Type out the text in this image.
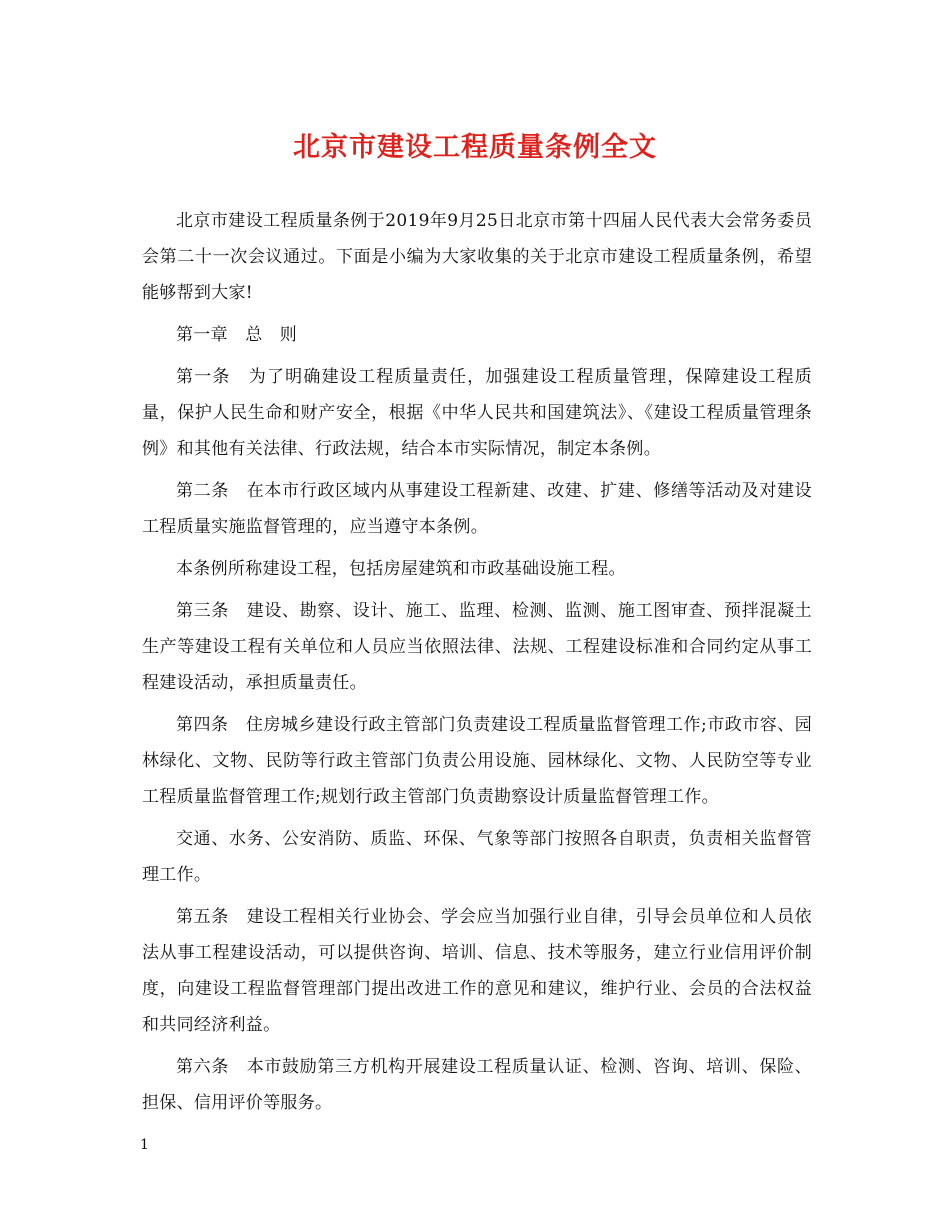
北京市建设工程质量条例全文

北京市建设工程质量条例于2019年9月25日北京市第十四届人民代表大会常务委员会第二十一次会议通过。下面是小编为大家收集的关于北京市建设工程质量条例，希望能够帮到大家!

第一章　总　则

第一条　为了明确建设工程质量责任，加强建设工程质量管理，保障建设工程质量，保护人民生命和财产安全，根据《中华人民共和国建筑法》、《建设工程质量管理条例》和其他有关法律、行政法规，结合本市实际情况，制定本条例。

第二条　在本市行政区域内从事建设工程新建、改建、扩建、修缮等活动及对建设工程质量实施监督管理的，应当遵守本条例。

本条例所称建设工程，包括房屋建筑和市政基础设施工程。

第三条　建设、勘察、设计、施工、监理、检测、监测、施工图审查、预拌混凝土生产等建设工程有关单位和人员应当依照法律、法规、工程建设标准和合同约定从事工程建设活动，承担质量责任。

第四条　住房城乡建设行政主管部门负责建设工程质量监督管理工作;市政市容、园林绿化、文物、民防等行政主管部门负责公用设施、园林绿化、文物、人民防空等专业工程质量监督管理工作;规划行政主管部门负责勘察设计质量监督管理工作。

交通、水务、公安消防、质监、环保、气象等部门按照各自职责，负责相关监督管理工作。

第五条　建设工程相关行业协会、学会应当加强行业自律，引导会员单位和人员依法从事工程建设活动，可以提供咨询、培训、信息、技术等服务，建立行业信用评价制度，向建设工程监督管理部门提出改进工作的意见和建议，维护行业、会员的合法权益和共同经济利益。

第六条　本市鼓励第三方机构开展建设工程质量认证、检测、咨询、培训、保险、担保、信用评价等服务。

1
